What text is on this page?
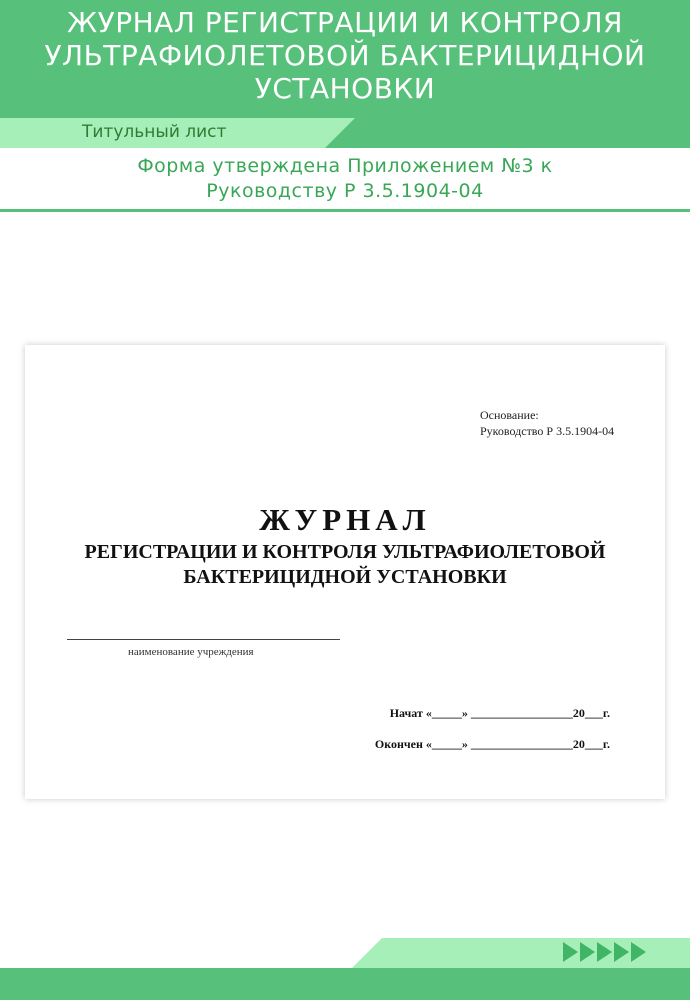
ЖУРНАЛ РЕГИСТРАЦИИ И КОНТРОЛЯ
УЛЬТРАФИОЛЕТОВОЙ БАКТЕРИЦИДНОЙ
УСТАНОВКИ
Титульный лист
Форма утверждена Приложением №3 к
Руководству Р 3.5.1904-04
Основание:
Руководство Р 3.5.1904-04
ЖУРНАЛ
РЕГИСТРАЦИИ И КОНТРОЛЯ УЛЬТРАФИОЛЕТОВОЙ
БАКТЕРИЦИДНОЙ УСТАНОВКИ
наименование учреждения
Начат «_____» _________________20___г.
Окончен «_____» _________________20___г.
